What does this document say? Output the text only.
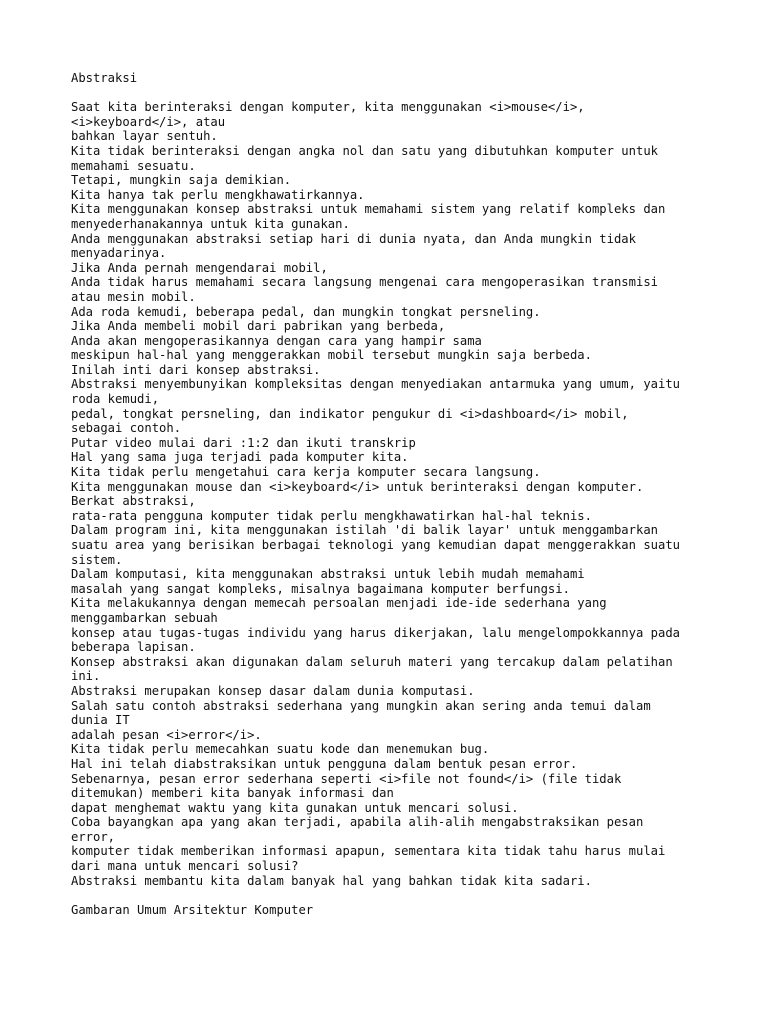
Abstraksi
Saat kita berinteraksi dengan komputer, kita menggunakan <i>mouse</i>,
<i>keyboard</i>, atau
bahkan layar sentuh.
Kita tidak berinteraksi dengan angka nol dan satu yang dibutuhkan komputer untuk
memahami sesuatu.
Tetapi, mungkin saja demikian.
Kita hanya tak perlu mengkhawatirkannya.
Kita menggunakan konsep abstraksi untuk memahami sistem yang relatif kompleks dan
menyederhanakannya untuk kita gunakan.
Anda menggunakan abstraksi setiap hari di dunia nyata, dan Anda mungkin tidak
menyadarinya.
Jika Anda pernah mengendarai mobil,
Anda tidak harus memahami secara langsung mengenai cara mengoperasikan transmisi
atau mesin mobil.
Ada roda kemudi, beberapa pedal, dan mungkin tongkat persneling.
Jika Anda membeli mobil dari pabrikan yang berbeda,
Anda akan mengoperasikannya dengan cara yang hampir sama
meskipun hal-hal yang menggerakkan mobil tersebut mungkin saja berbeda.
Inilah inti dari konsep abstraksi.
Abstraksi menyembunyikan kompleksitas dengan menyediakan antarmuka yang umum, yaitu
roda kemudi,
pedal, tongkat persneling, dan indikator pengukur di <i>dashboard</i> mobil,
sebagai contoh.
Putar video mulai dari :1:2 dan ikuti transkrip
Hal yang sama juga terjadi pada komputer kita.
Kita tidak perlu mengetahui cara kerja komputer secara langsung.
Kita menggunakan mouse dan <i>keyboard</i> untuk berinteraksi dengan komputer.
Berkat abstraksi,
rata-rata pengguna komputer tidak perlu mengkhawatirkan hal-hal teknis.
Dalam program ini, kita menggunakan istilah 'di balik layar' untuk menggambarkan
suatu area yang berisikan berbagai teknologi yang kemudian dapat menggerakkan suatu
sistem.
Dalam komputasi, kita menggunakan abstraksi untuk lebih mudah memahami
masalah yang sangat kompleks, misalnya bagaimana komputer berfungsi.
Kita melakukannya dengan memecah persoalan menjadi ide-ide sederhana yang
menggambarkan sebuah
konsep atau tugas-tugas individu yang harus dikerjakan, lalu mengelompokkannya pada
beberapa lapisan.
Konsep abstraksi akan digunakan dalam seluruh materi yang tercakup dalam pelatihan
ini.
Abstraksi merupakan konsep dasar dalam dunia komputasi.
Salah satu contoh abstraksi sederhana yang mungkin akan sering anda temui dalam
dunia IT
adalah pesan <i>error</i>.
Kita tidak perlu memecahkan suatu kode dan menemukan bug.
Hal ini telah diabstraksikan untuk pengguna dalam bentuk pesan error.
Sebenarnya, pesan error sederhana seperti <i>file not found</i> (file tidak
ditemukan) memberi kita banyak informasi dan
dapat menghemat waktu yang kita gunakan untuk mencari solusi.
Coba bayangkan apa yang akan terjadi, apabila alih-alih mengabstraksikan pesan
error,
komputer tidak memberikan informasi apapun, sementara kita tidak tahu harus mulai
dari mana untuk mencari solusi?
Abstraksi membantu kita dalam banyak hal yang bahkan tidak kita sadari.
Gambaran Umum Arsitektur Komputer
